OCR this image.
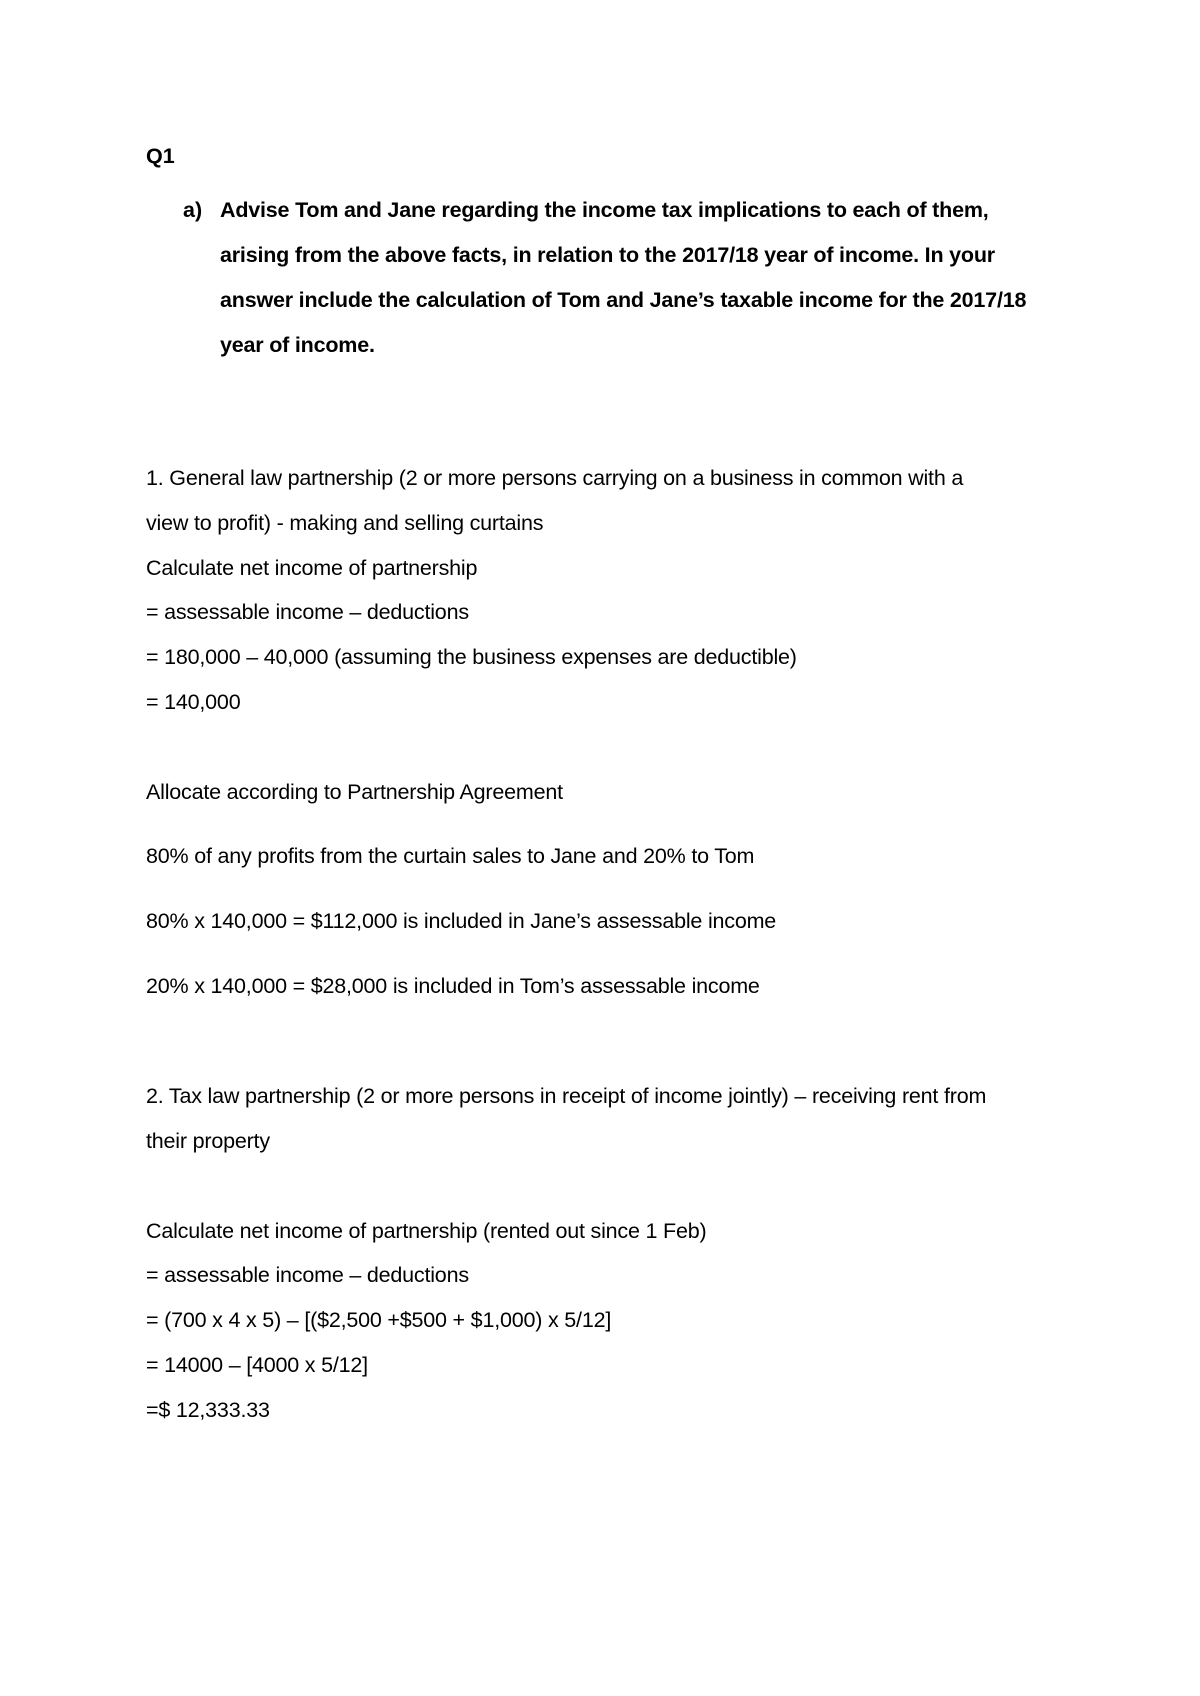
Q1
a) Advise Tom and Jane regarding the income tax implications to each of them,
arising from the above facts, in relation to the 2017/18 year of income. In your
answer include the calculation of Tom and Jane’s taxable income for the 2017/18
year of income.
1. General law partnership (2 or more persons carrying on a business in common with a
view to profit) - making and selling curtains
Calculate net income of partnership
= assessable income – deductions
= 180,000 – 40,000 (assuming the business expenses are deductible)
= 140,000
Allocate according to Partnership Agreement
80% of any profits from the curtain sales to Jane and 20% to Tom
80% x 140,000 = $112,000 is included in Jane’s assessable income
20% x 140,000 = $28,000 is included in Tom’s assessable income
2. Tax law partnership (2 or more persons in receipt of income jointly) – receiving rent from
their property
Calculate net income of partnership (rented out since 1 Feb)
= assessable income – deductions
= (700 x 4 x 5) – [($2,500 +$500 + $1,000) x 5/12]
= 14000 – [4000 x 5/12]
=$ 12,333.33
